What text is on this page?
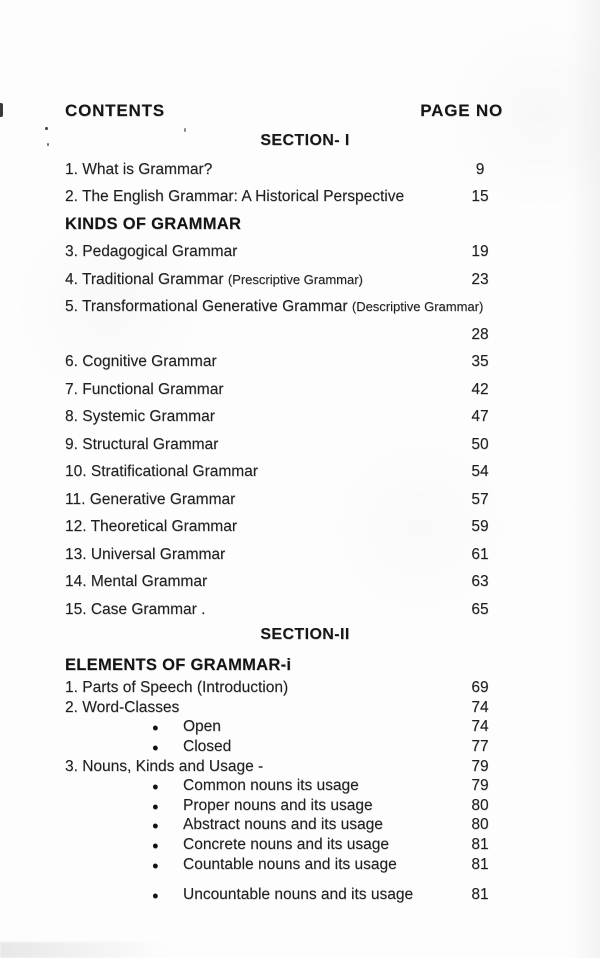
CONTENTS	PAGE NO
SECTION- I
1. What is Grammar?	9
2. The English Grammar: A Historical Perspective	15
KINDS OF GRAMMAR
3. Pedagogical Grammar	19
4. Traditional Grammar (Prescriptive Grammar)	23
5. Transformational Generative Grammar (Descriptive Grammar)
28
6. Cognitive Grammar	35
7. Functional Grammar	42
8. Systemic Grammar	47
9. Structural Grammar	50
10. Stratificational Grammar	54
11. Generative Grammar	57
12. Theoretical Grammar	59
13. Universal Grammar	61
14. Mental Grammar	63
15. Case Grammar .	65
SECTION-II
ELEMENTS OF GRAMMAR-i
1. Parts of Speech (Introduction)	69
2. Word-Classes	74
●︎ Open	74
●︎ Closed	77
3. Nouns, Kinds and Usage -	79
●︎ Common nouns its usage	79
●︎ Proper nouns and its usage	80
●︎ Abstract nouns and its usage	80
●︎ Concrete nouns and its usage	81
●︎ Countable nouns and its usage	81
●︎ Uncountable nouns and its usage	81
